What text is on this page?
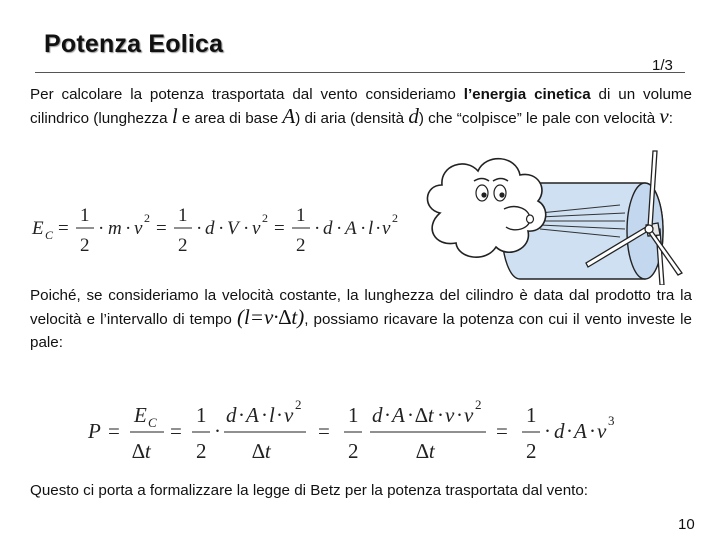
Potenza Eolica
1/3
Per calcolare la potenza trasportata dal vento consideriamo l’energia cinetica di un volume cilindrico (lunghezza l e area di base A) di aria (densità d) che “colpisce” le pale con velocità v:
E C =
1
2
· m · v 2 =
1
2
· d · V · v 2 =
1
2
· d · A · l · v 2
Poiché, se consideriamo la velocità costante, la lunghezza del cilindro è data dal prodotto tra la velocità e l’intervallo di tempo (l=v·∆t), possiamo ricavare la potenza con cui il vento investe le pale:
P =
E C
∆t
=
1
2
·
d · A · l · v 2
∆t
=
1
2
d · A · ∆t · v · v 2
∆t
=
1
2
· d · A · v 3
Questo ci porta a formalizzare la legge di Betz per la potenza trasportata dal vento:
10
